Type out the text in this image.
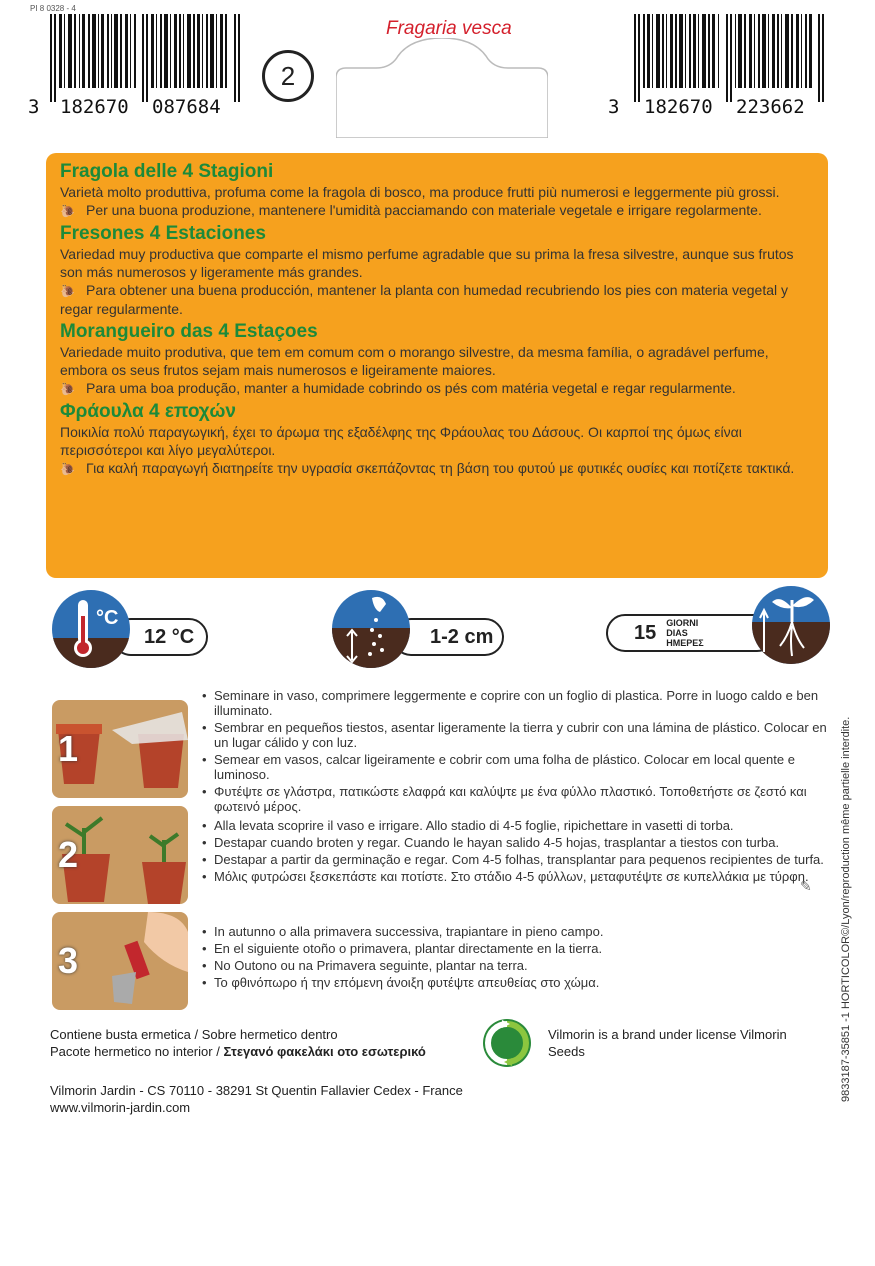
PI 8 0328 - 4
Fragaria vesca
3 182670 087684
2
3 182670 223662
Fragola delle 4 Stagioni
Varietà molto produttiva, profuma come la fragola di bosco, ma produce frutti più numerosi e leggermente più grossi.
🐌 Per una buona produzione, mantenere l'umidità pacciamando con materiale vegetale e irrigare regolarmente.
Fresones 4 Estaciones
Variedad muy productiva que comparte el mismo perfume agradable que su prima la fresa silvestre, aunque sus frutos son más numerosos y ligeramente más grandes.
🐌 Para obtener una buena producción, mantener la planta con humedad recubriendo los pies con materia vegetal y regar regularmente.
Morangueiro das 4 Estaçoes
Variedade muito produtiva, que tem em comum com o morango silvestre, da mesma família, o agradável perfume, embora os seus frutos sejam mais numerosos e ligeiramente maiores.
🐌 Para uma boa produção, manter a humidade cobrindo os pés com matéria vegetal e regar regularmente.
Φράουλα 4 εποχών
Ποικιλία πολύ παραγωγική, έχει το άρωμα της εξαδέλφης της Φράουλας του Δάσους. Οι καρποί της όμως είναι περισσότεροι και λίγο μεγαλύτεροι.
🐌 Για καλή παραγωγή διατηρείτε την υγρασία σκεπάζοντας τη βάση του φυτού με φυτικές ουσίες και ποτίζετε τακτικά.
12 °C
°C
1-2 cm	15 GIORNI
DIAS
ΗΜΕΡΕΣ
1
• Seminare in vaso, comprimere leggermente e coprire con un foglio di plastica. Porre in luogo caldo e ben illuminato.
• Sembrar en pequeños tiestos, asentar ligeramente la tierra y cubrir con una lámina de plástico. Colocar en un lugar cálido y con luz.
• Semear em vasos, calcar ligeiramente e cobrir com uma folha de plástico. Colocar em local quente e luminoso.
• Φυτέψτε σε γλάστρα, πατικώστε ελαφρά και καλύψτε με ένα φύλλο πλαστικό. Τοποθετήστε σε ζεστό και φωτεινό μέρος.
2
• Alla levata scoprire il vaso e irrigare. Allo stadio di 4-5 foglie, ripichettare in vasetti di torba.
• Destapar cuando broten y regar. Cuando le hayan salido 4-5 hojas, trasplantar a tiestos con turba.
• Destapar a partir da germinação e regar. Com 4-5 folhas, transplantar para pequenos recipientes de turfa.
• Μόλις φυτρώσει ξεσκεπάστε και ποτίστε. Στο στάδιο 4-5 φύλλων, μεταφυτέψτε σε κυπελλάκια με τύρφη.
✎
3
• In autunno o alla primavera successiva, trapiantare in pieno campo.
• En el siguiente otoño o primavera, plantar directamente en la tierra.
• No Outono ou na Primavera seguinte, plantar na terra.
• Το φθινόπωρο ή την επόμενη άνοιξη φυτέψτε απευθείας στο χώμα.
Contiene busta ermetica / Sobre hermetico dentro
Pacote hermetico no interior / Στεγανό φακελάκι οτο εσωτερικό
Vilmorin is a brand under license Vilmorin
Seeds
Vilmorin Jardin - CS 70110 - 38291 St Quentin Fallavier Cedex - France
www.vilmorin-jardin.com
9833187-35851 -1 HORTICOLOR©/Lyon/reproduction même partielle interdite.
